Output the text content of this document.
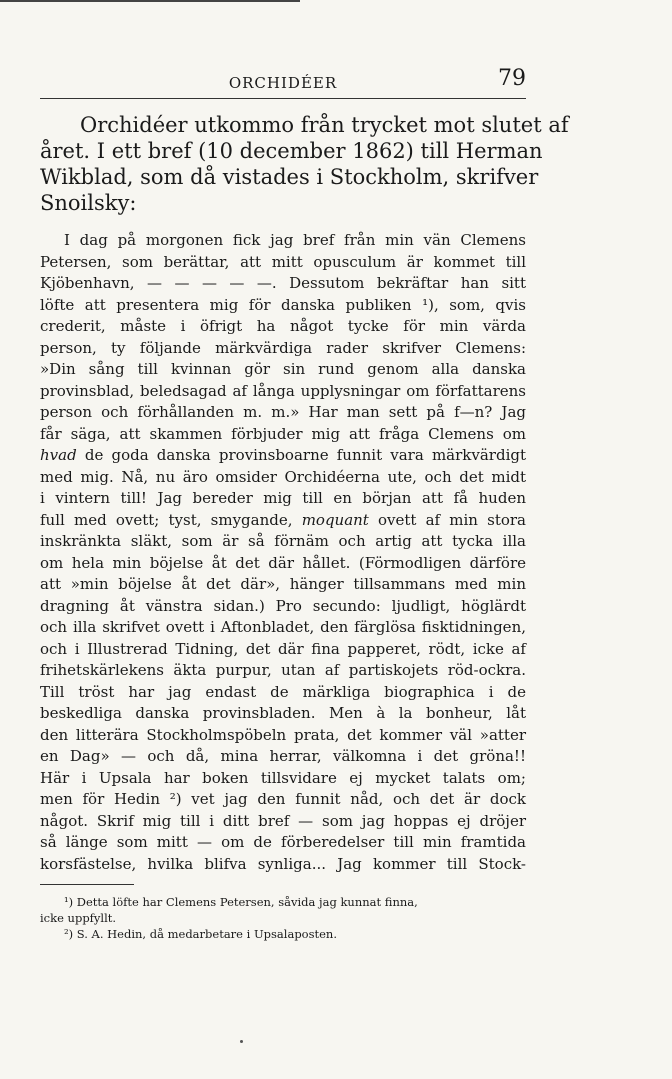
ORCHIDÉER	79
Orchidéer utkommo från trycket mot slutet af
året. I ett bref (10 december 1862) till Herman
Wikblad, som då vistades i Stockholm, skrifver
Snoilsky:
I dag på morgonen fick jag bref från min vän Clemens
Petersen, som berättar, att mitt opusculum är kommet till
Kjöbenhavn, — — — — —. Dessutom bekräftar han sitt
löfte att presentera mig för danska publiken ¹), som, qvis
crederit, måste i öfrigt ha något tycke för min värda
person, ty följande märkvärdiga rader skrifver Clemens:
»Din sång till kvinnan gör sin rund genom alla danska
provinsblad, beledsagad af långa upplysningar om författarens
person och förhållanden m. m.» Har man sett på f—n? Jag
får säga, att skammen förbjuder mig att fråga Clemens om
hvad de goda danska provinsboarne funnit vara märkvärdigt
med mig. Nå, nu äro omsider Orchidéerna ute, och det midt
i vintern till! Jag bereder mig till en början att få huden
full med ovett; tyst, smygande, moquant ovett af min stora
inskränkta släkt, som är så förnäm och artig att tycka illa
om hela min böjelse åt det där hållet. (Förmodligen därföre
att »min böjelse åt det där», hänger tillsammans med min
dragning åt vänstra sidan.) Pro secundo: ljudligt, höglärdt
och illa skrifvet ovett i Aftonbladet, den färglösa fisktidningen,
och i Illustrerad Tidning, det där fina papperet, rödt, icke af
frihetskärlekens äkta purpur, utan af partiskojets röd-ockra.
Till tröst har jag endast de märkliga biographica i de
beskedliga danska provinsbladen. Men à la bonheur, låt
den litterära Stockholmspöbeln prata, det kommer väl »atter
en Dag» — och då, mina herrar, välkomna i det gröna!!
Här i Upsala har boken tillsvidare ej mycket talats om;
men för Hedin ²) vet jag den funnit nåd, och det är dock
något. Skrif mig till i ditt bref — som jag hoppas ej dröjer
så länge som mitt — om de förberedelser till min framtida
korsfästelse, hvilka blifva synliga... Jag kommer till Stock-
¹) Detta löfte har Clemens Petersen, såvida jag kunnat finna,
icke uppfyllt.
²) S. A. Hedin, då medarbetare i Upsalaposten.
